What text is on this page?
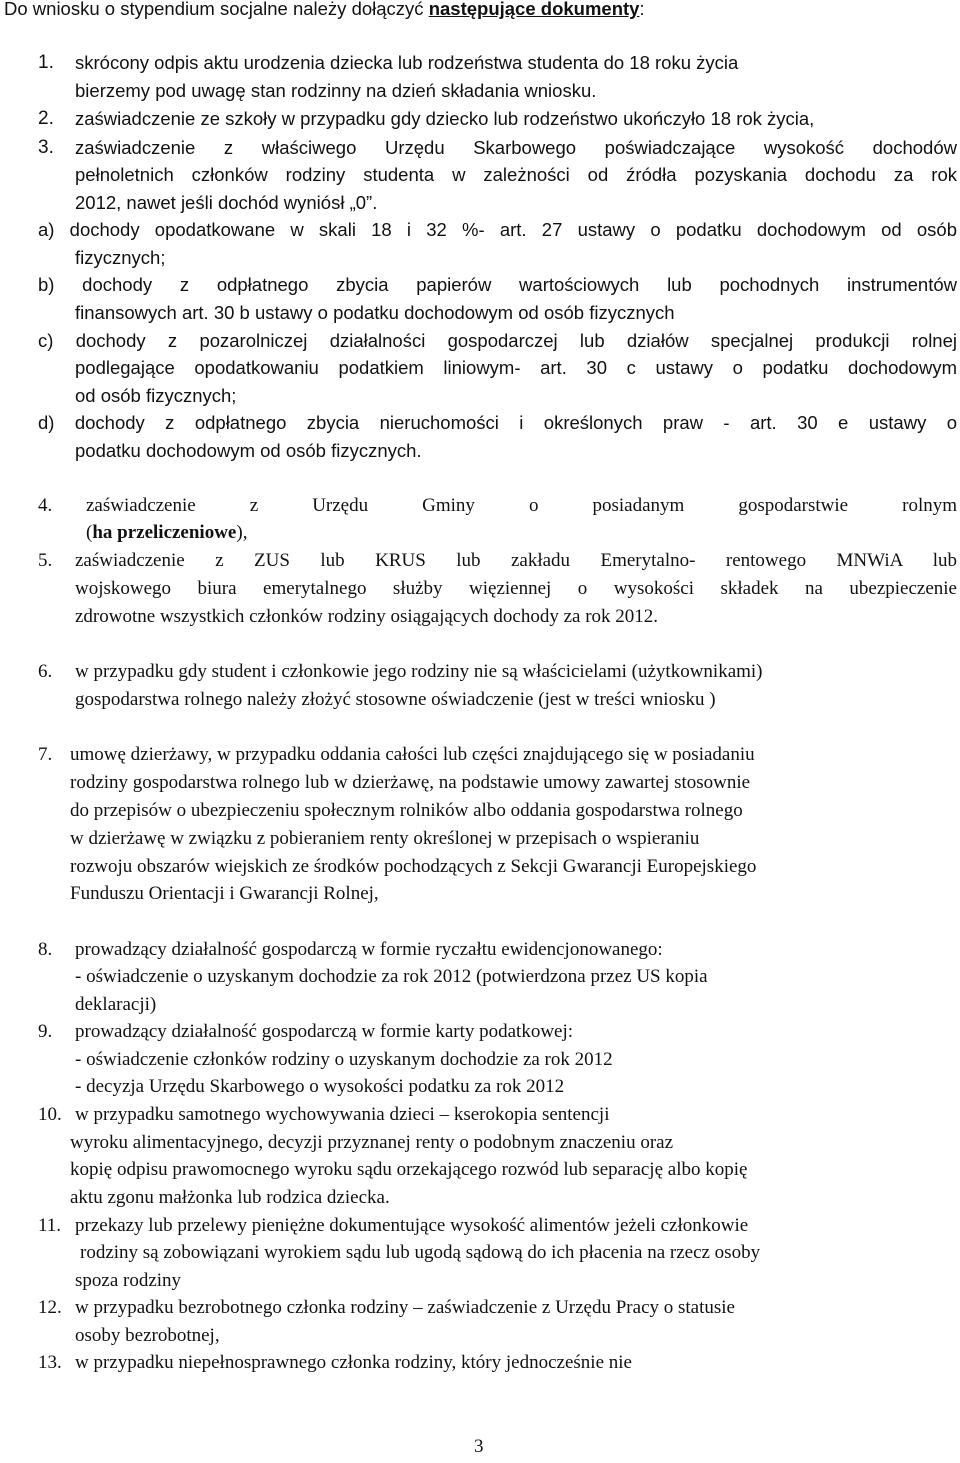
Do wniosku o stypendium socjalne należy dołączyć następujące dokumenty:
1. skrócony odpis aktu urodzenia dziecka lub rodzeństwa studenta do 18 roku życia
bierzemy pod uwagę stan rodzinny na dzień składania wniosku.
2. zaświadczenie ze szkoły w przypadku gdy dziecko lub rodzeństwo ukończyło 18 rok życia,
3. zaświadczenie z właściwego Urzędu Skarbowego poświadczające wysokość dochodów
pełnoletnich członków rodziny studenta w zależności od źródła pozyskania dochodu za rok
2012, nawet jeśli dochód wyniósł „0”.
a) dochody opodatkowane w skali 18 i 32 %- art. 27 ustawy o podatku dochodowym od osób
fizycznych;
b) dochody z odpłatnego zbycia papierów wartościowych lub pochodnych instrumentów
finansowych art. 30 b ustawy o podatku dochodowym od osób fizycznych
c) dochody z pozarolniczej działalności gospodarczej lub działów specjalnej produkcji rolnej
podlegające opodatkowaniu podatkiem liniowym- art. 30 c ustawy o podatku dochodowym
od osób fizycznych;
d) dochody z odpłatnego zbycia nieruchomości i określonych praw - art. 30 e ustawy o
podatku dochodowym od osób fizycznych.
4. zaświadczenie z Urzędu Gminy o posiadanym gospodarstwie rolnym
(ha przeliczeniowe),
5. zaświadczenie z ZUS lub KRUS lub zakładu Emerytalno- rentowego MNWiA lub
wojskowego biura emerytalnego służby więziennej o wysokości składek na ubezpieczenie
zdrowotne wszystkich członków rodziny osiągających dochody za rok 2012.
6. w przypadku gdy student i członkowie jego rodziny nie są właścicielami (użytkownikami)
gospodarstwa rolnego należy złożyć stosowne oświadczenie (jest w treści wniosku )
7. umowę dzierżawy, w przypadku oddania całości lub części znajdującego się w posiadaniu
rodziny gospodarstwa rolnego lub w dzierżawę, na podstawie umowy zawartej stosownie
do przepisów o ubezpieczeniu społecznym rolników albo oddania gospodarstwa rolnego
w dzierżawę w związku z pobieraniem renty określonej w przepisach o wspieraniu
rozwoju obszarów wiejskich ze środków pochodzących z Sekcji Gwarancji Europejskiego
Funduszu Orientacji i Gwarancji Rolnej,
8. prowadzący działalność gospodarczą w formie ryczałtu ewidencjonowanego:
- oświadczenie o uzyskanym dochodzie za rok 2012 (potwierdzona przez US kopia
deklaracji)
9. prowadzący działalność gospodarczą w formie karty podatkowej:
- oświadczenie członków rodziny o uzyskanym dochodzie za rok 2012
- decyzja Urzędu Skarbowego o wysokości podatku za rok 2012
10. w przypadku samotnego wychowywania dzieci – kserokopia sentencji
wyroku alimentacyjnego, decyzji przyznanej renty o podobnym znaczeniu oraz
kopię odpisu prawomocnego wyroku sądu orzekającego rozwód lub separację albo kopię
aktu zgonu małżonka lub rodzica dziecka.
11. przekazy lub przelewy pieniężne dokumentujące wysokość alimentów jeżeli członkowie
rodziny są zobowiązani wyrokiem sądu lub ugodą sądową do ich płacenia na rzecz osoby
spoza rodziny
12. w przypadku bezrobotnego członka rodziny – zaświadczenie z Urzędu Pracy o statusie
osoby bezrobotnej,
13. w przypadku niepełnosprawnego członka rodziny, który jednocześnie nie
3
